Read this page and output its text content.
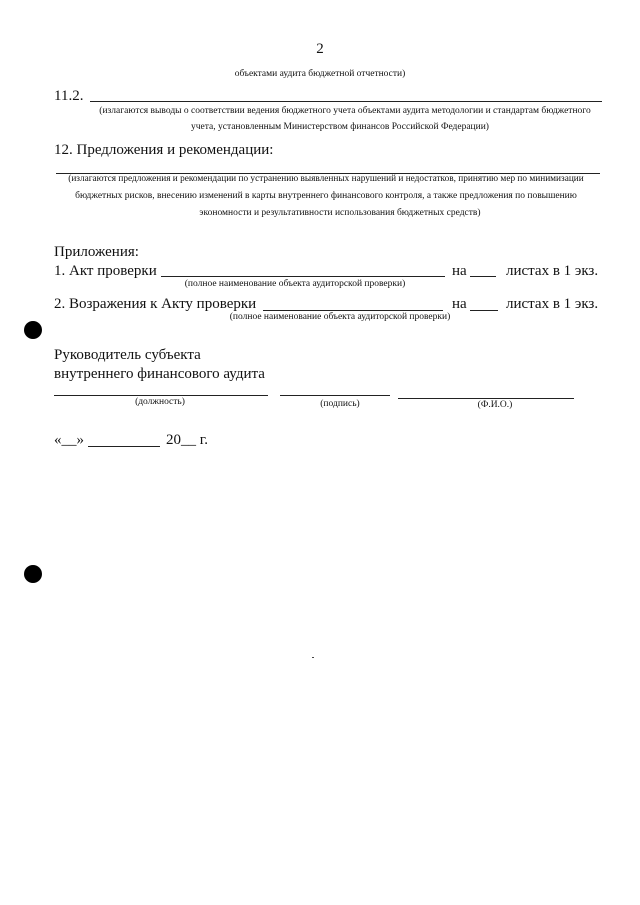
2
объектами аудита бюджетной отчетности)
11.2.
(излагаются выводы о соответствии ведения бюджетного учета объектами аудита методологии и стандартам бюджетного
учета, установленным Министерством финансов Российской Федерации)
12. Предложения и рекомендации:
(излагаются предложения и рекомендации по устранению выявленных нарушений и недостатков, принятию мер по минимизации
бюджетных рисков, внесению изменений в карты внутреннего финансового контроля, а также предложения по повышению
экономности и результативности использования бюджетных средств)
Приложения:
1. Акт проверки	на	листах в 1 экз.
(полное наименование объекта аудиторской проверки)
2. Возражения к Акту проверки	на	листах в 1 экз.
(полное наименование объекта аудиторской проверки)
Руководитель субъекта
внутреннего финансового аудита
(должность)	(подпись)	(Ф.И.О.)
«__»	20__ г.
